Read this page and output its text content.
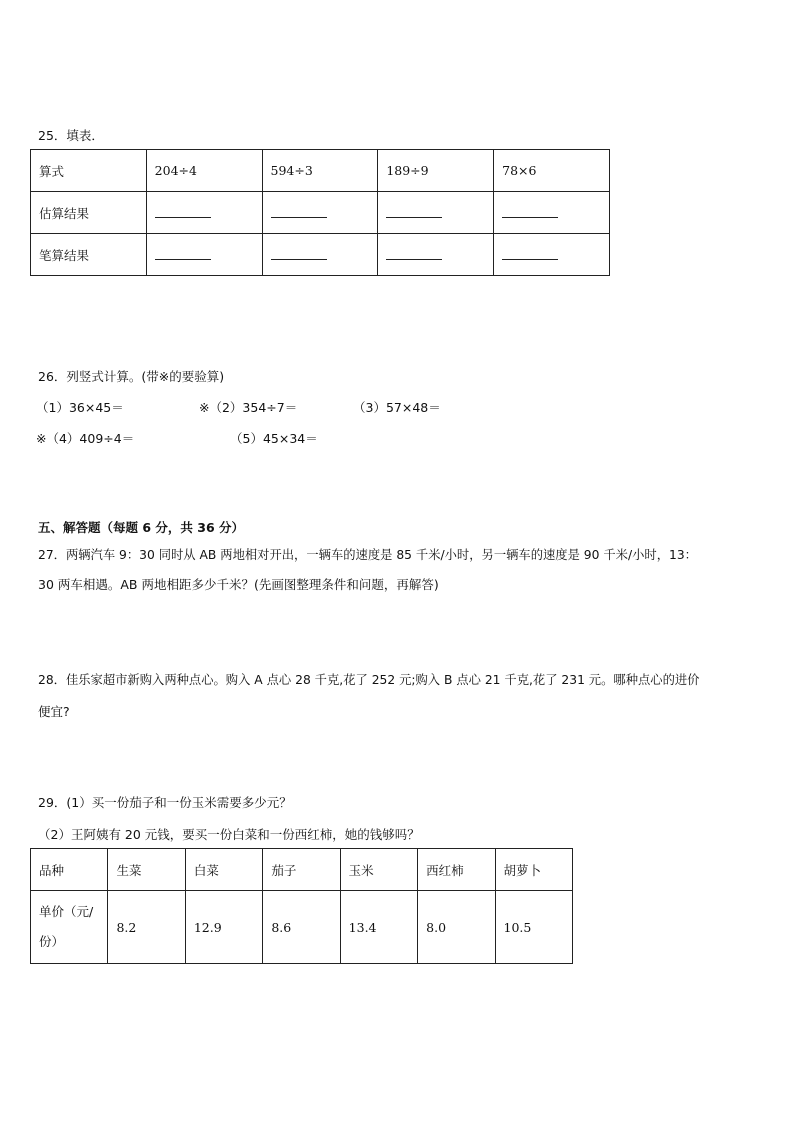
25．填表．
算式	204÷4	594÷3	189÷9	78×6
估算结果				
笔算结果				
26．列竖式计算。(带※的要验算)
（1）36×45＝	※（2）354÷7＝	（3）57×48＝
※（4）409÷4＝	（5）45×34＝
五、解答题（每题 6 分，共 36 分）
27．两辆汽车 9：30 同时从 AB 两地相对开出，一辆车的速度是 85 千米/小时，另一辆车的速度是 90 千米/小时，13：
30 两车相遇。AB 两地相距多少千米？(先画图整理条件和问题，再解答)
28．佳乐家超市新购入两种点心。购入 A 点心 28 千克,花了 252 元;购入 B 点心 21 千克,花了 231 元。哪种点心的进价
便宜?
29．(1）买一份茄子和一份玉米需要多少元？
（2）王阿姨有 20 元钱，要买一份白菜和一份西红柿，她的钱够吗？
品种	生菜	白菜	茄子	玉米	西红柿	胡萝卜

单价（元/
份）	8.2	12.9	8.6	13.4	8.0	10.5
